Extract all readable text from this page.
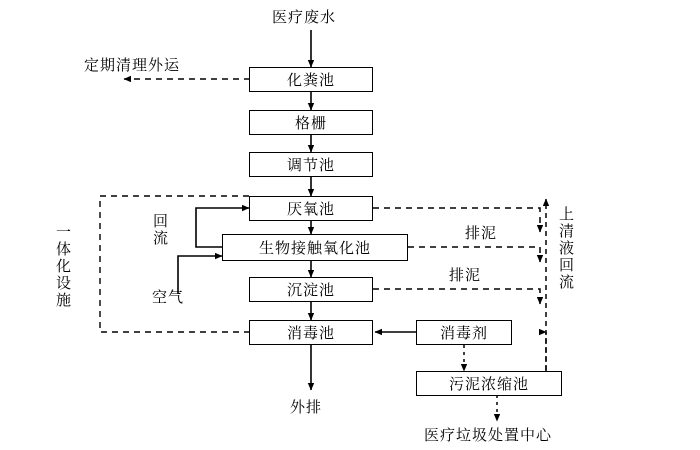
医疗废水
定期清理外运
回流
空气
排泥
排泥	上清液回流
一体化设施
外排
医疗垃圾处置中心
化粪池
格栅
调节池
厌氧池
生物接触氧化池
沉淀池
消毒池	消毒剂
污泥浓缩池
